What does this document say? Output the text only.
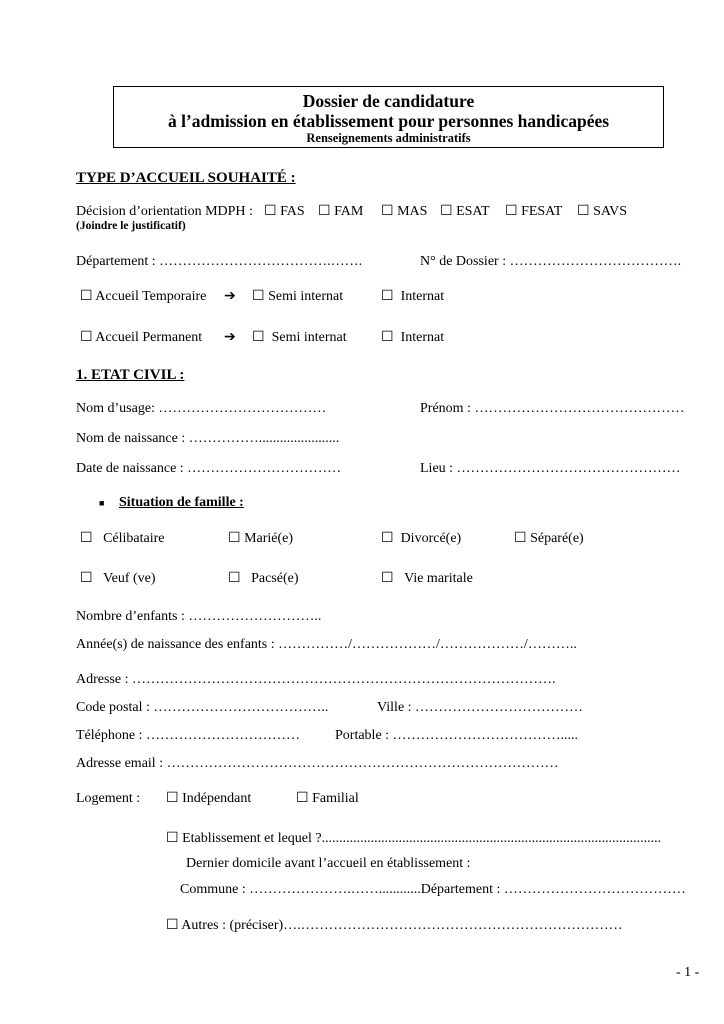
Dossier de candidature
à l’admission en établissement pour personnes handicapées
Renseignements administratifs
TYPE D’ACCUEIL SOUHAITÉ :
Décision d’orientation MDPH : ☐ FAS ☐ FAM ☐ MAS ☐ ESAT ☐ FESAT ☐ SAVS
(Joindre le justificatif)
Département : ……………………………….…….	N° de Dossier : ……………………………….
☐ Accueil Temporaire ➔ ☐ Semi internat	☐ Internat
☐ Accueil Permanent ➔ ☐ Semi internat ☐ Internat
1. ETAT CIVIL :
Nom d’usage: ………………………………	Prénom : ………………………………………
Nom de naissance : …………….......................
Date de naissance : ……………………………	Lieu : …………………………………………
■ Situation de famille :
☐ Célibataire	☐ Marié(e)	☐ Divorcé(e)	☐ Séparé(e)
☐ Veuf (ve)	☐ Pacsé(e)	☐ Vie maritale
Nombre d’enfants : ………………………..
Année(s) de naissance des enfants : ……………/………………/………………/………..
Adresse : ……………………………………………………………………………….
Code postal : ………………………………..	Ville : ………………………………
Téléphone : ……………………………	Portable : ……………………………….....
Adresse email : …………………………………………………………………………
Logement : ☐ Indépendant	☐ Familial
☐ Etablissement et lequel ?.................................................................................................
Dernier domicile avant l’accueil en établissement :
Commune : ………………….……............Département : …………………………………
☐ Autres : (préciser)….……………………………………………………………
- 1 -
